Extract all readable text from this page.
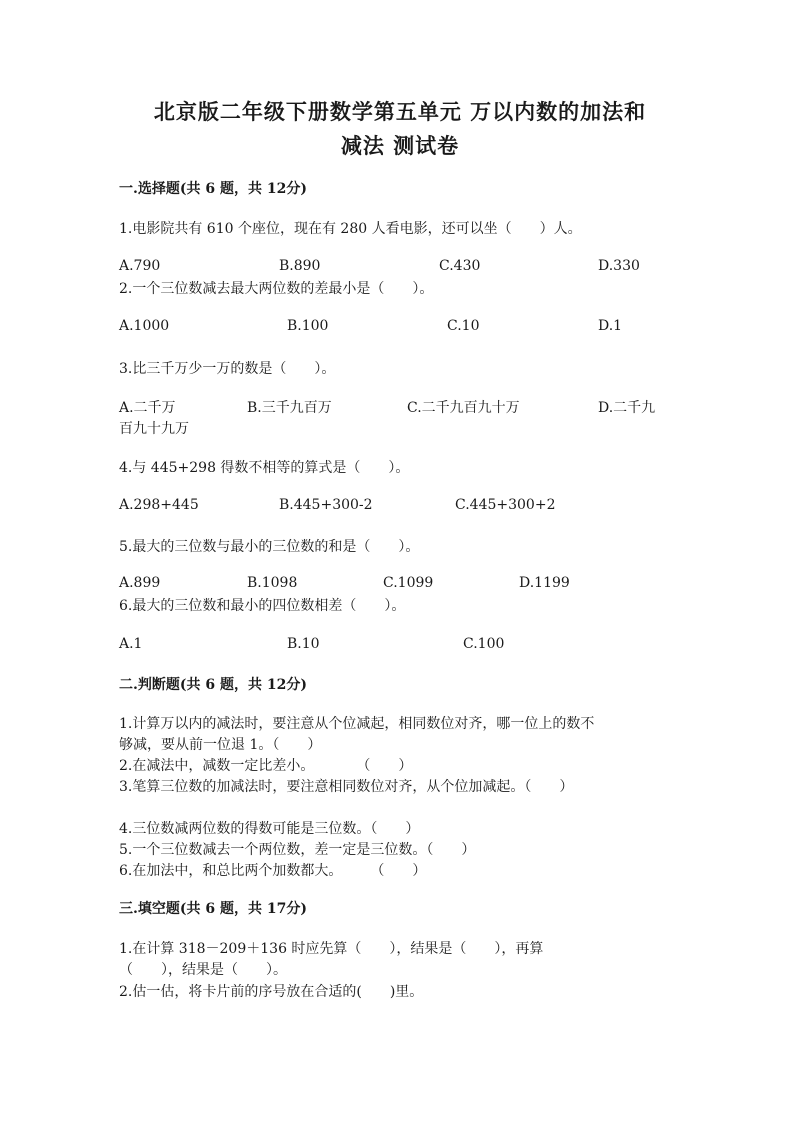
北京版二年级下册数学第五单元 万以内数的加法和
减法 测试卷
一.选择题(共 6 题，共 12分)
1.电影院共有 610 个座位，现在有 280 人看电影，还可以坐（　　）人。
A.790	B.890	C.430	D.330
2.一个三位数减去最大两位数的差最小是（　　）。
A.1000	B.100	C.10	D.1
3.比三千万少一万的数是（　　）。
A.二千万	B.三千九百万	C.二千九百九十万	D.二千九
百九十九万
4.与 445+298 得数不相等的算式是（　　）。
A.298+445	B.445+300-2	C.445+300+2
5.最大的三位数与最小的三位数的和是（　　）。
A.899	B.1098	C.1099	D.1199
6.最大的三位数和最小的四位数相差（　　）。
A.1	B.10	C.100
二.判断题(共 6 题，共 12分)
1.计算万以内的减法时，要注意从个位减起，相同数位对齐，哪一位上的数不
够减，要从前一位退 1。（　　）
2.在减法中，减数一定比差小。　　　　（　　）
3.笔算三位数的加减法时，要注意相同数位对齐，从个位加减起。（　　）
4.三位数减两位数的得数可能是三位数。（　　）
5.一个三位数减去一个两位数，差一定是三位数。（　　）
6.在加法中，和总比两个加数都大。　　　（　　）
三.填空题(共 6 题，共 17分)
1.在计算 318－209＋136 时应先算（　　），结果是（　　），再算
（　　），结果是（　　）。
2.估一估，将卡片前的序号放在合适的(　　)里。
